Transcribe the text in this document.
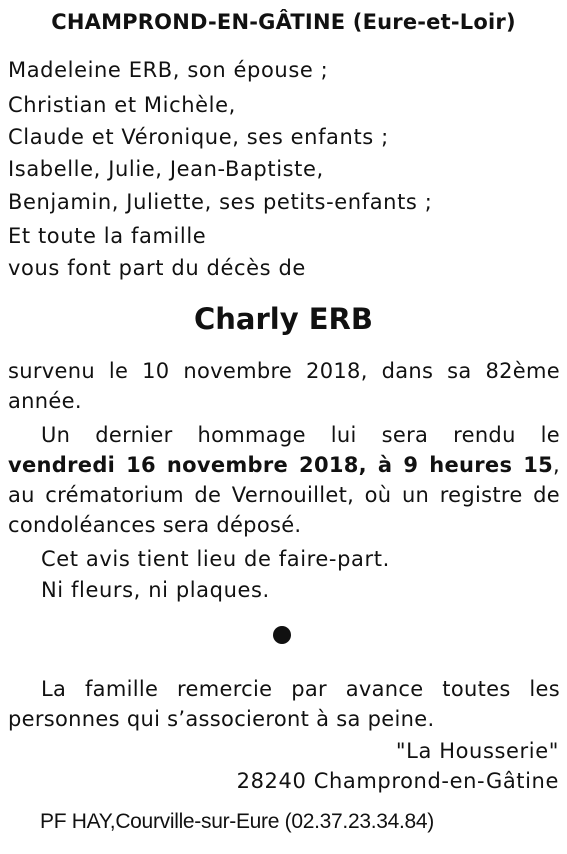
CHAMPROND-EN-GÂTINE (Eure-et-Loir)
Madeleine ERB, son épouse ;
Christian et Michèle,
Claude et Véronique, ses enfants ;
Isabelle, Julie, Jean-Baptiste,
Benjamin, Juliette, ses petits-enfants ;
Et toute la famille
vous font part du décès de
Charly ERB
survenu le 10 novembre 2018, dans sa 82ème année.
Un dernier hommage lui sera rendu le vendredi 16 novembre 2018, à 9 heures 15, au crématorium de Vernouillet, où un registre de condoléances sera déposé.
Cet avis tient lieu de faire-part.
Ni fleurs, ni plaques.
La famille remercie par avance toutes les personnes qui s’associeront à sa peine.
"La Housserie"
28240 Champrond-en-Gâtine
PF HAY,Courville-sur-Eure (02.37.23.34.84)
